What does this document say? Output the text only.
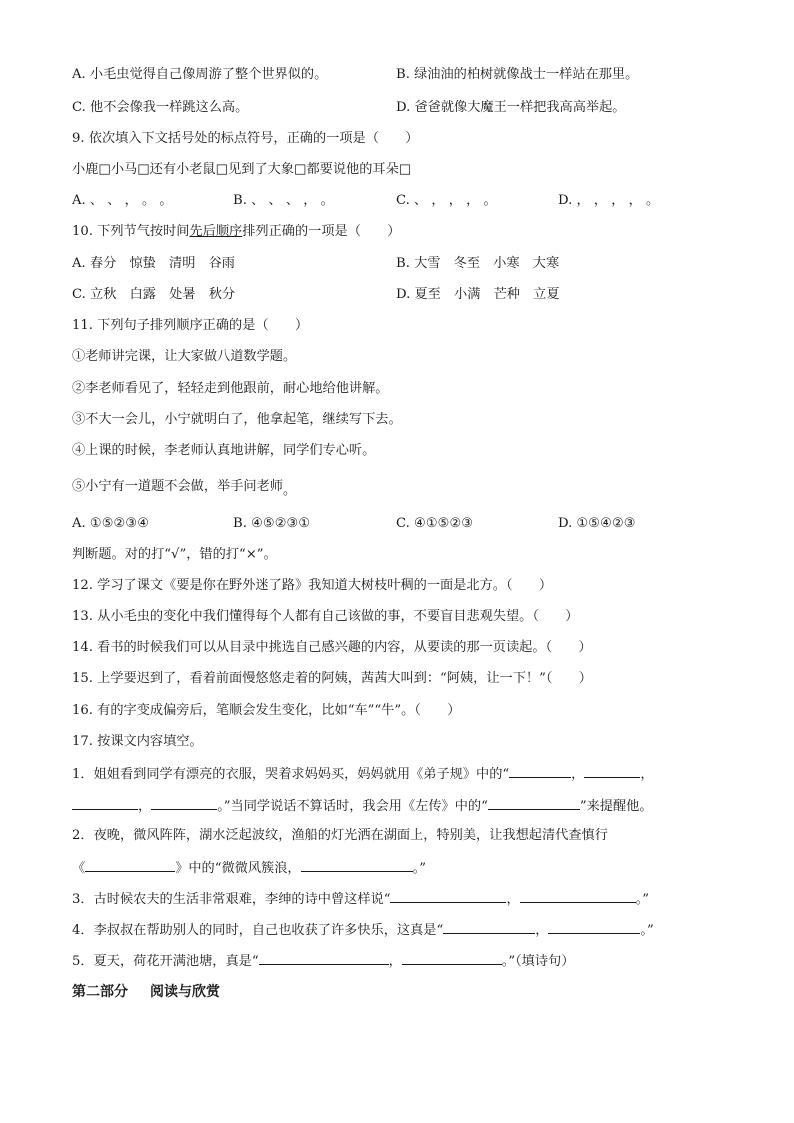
A. 小毛虫觉得自己像周游了整个世界似的。	B. 绿油油的柏树就像战士一样站在那里。
C. 他不会像我一样跳这么高。	D. 爸爸就像大魔王一样把我高高举起。
9. 依次填入下文括号处的标点符号，正确的一项是（　　）
小鹿□小马□还有小老鼠□见到了大象□都要说他的耳朵□
A. 、 、 ， 。 。	B. 、 、 、 ， 。	C. 、 ， ， ， 。	D. ， ， ， ， 。
10. 下列节气按时间先后顺序排列正确的一项是（　　）
A. 春分　惊蛰　清明　谷雨	B. 大雪　冬至　小寒　大寒
C. 立秋　白露　处暑　秋分	D. 夏至　小满　芒种　立夏
11. 下列句子排列顺序正确的是（　　）
①老师讲完课，让大家做八道数学题。
②李老师看见了，轻轻走到他跟前，耐心地给他讲解。
③不大一会儿，小宁就明白了，他拿起笔，继续写下去。
④上课的时候，李老师认真地讲解，同学们专心听。
⑤小宁有一道题不会做，举手问老师。
A. ①⑤②③④	B. ④⑤②③①	C. ④①⑤②③	D. ①⑤④②③
判断题。对的打“√”，错的打“×”。
12. 学习了课文《要是你在野外迷了路》我知道大树枝叶稠的一面是北方。（　　）
13. 从小毛虫的变化中我们懂得每个人都有自己该做的事，不要盲目悲观失望。（　　）
14. 看书的时候我们可以从目录中挑选自己感兴趣的内容，从要读的那一页读起。（　　）
15. 上学要迟到了，看着前面慢悠悠走着的阿姨，茜茜大叫到：“阿姨，让一下！”（　　）
16. 有的字变成偏旁后，笔顺会发生变化，比如“车”“牛”。（　　）
17. 按课文内容填空。
1．姐姐看到同学有漂亮的衣服，哭着求妈妈买，妈妈就用《弟子规》中的“	，	，
，	。”当同学说话不算话时，我会用《左传》中的“	”来提醒他。
2．夜晚，微风阵阵，湖水泛起波纹，渔船的灯光洒在湖面上，特别美，让我想起清代查慎行
《	》中的“微微风簇浪，	。”
3．古时候农夫的生活非常艰难，李绅的诗中曾这样说“	，	。”
4．李叔叔在帮助别人的同时，自己也收获了许多快乐，这真是“	，	。”
5．夏天，荷花开满池塘，真是“	，	。”（填诗句）
第二部分 阅读与欣赏
